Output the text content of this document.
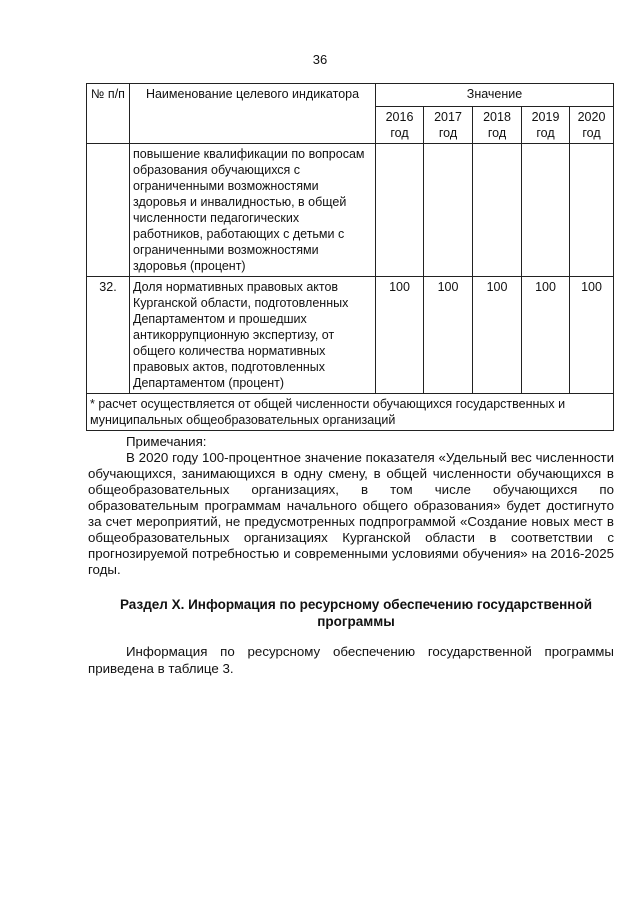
36
№ п/п	Наименование целевого индикатора	Значение				
		2016 год	2017 год	2018 год	2019 год	2020 год
	повышение квалификации по вопросам образования обучающихся с ограниченными возможностями здоровья и инвалидностью, в общей численности педагогических работников, работающих с детьми с ограниченными возможностями здоровья (процент)					
32.	Доля нормативных правовых актов Курганской области, подготовленных Департаментом и прошедших антикоррупционную экспертизу, от общего количества нормативных правовых актов, подготовленных Департаментом (процент)	100	100	100	100	100
* расчет осуществляется от общей численности обучающихся государственных и муниципальных общеобразовательных организаций						

Примечания:

В 2020 году 100-процентное значение показателя «Удельный вес численности обучающихся, занимающихся в одну смену, в общей численности обучающихся в общеобразовательных организациях, в том числе обучающихся по образовательным программам начального общего образования» будет достигнуто за счет мероприятий, не предусмотренных подпрограммой «Создание новых мест в общеобразовательных организациях Курганской области в соответствии с прогнозируемой потребностью и современными условиями обучения» на 2016-2025 годы.

Раздел X. Информация по ресурсному обеспечению государственной программы

Информация по ресурсному обеспечению государственной программы приведена в таблице 3.
